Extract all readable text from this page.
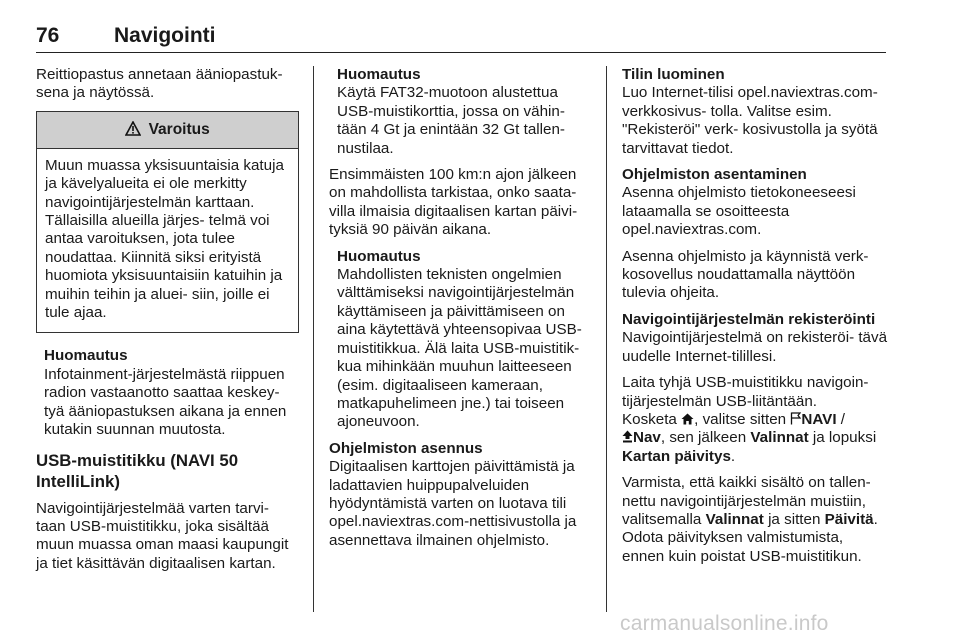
76	Navigointi

Reittiopastus annetaan ääniopastuk- sena ja näytössä.

Varoitus
Muun muassa yksisuuntaisia katuja ja kävelyalueita ei ole merkitty navigointijärjestelmän karttaan. Tällaisilla alueilla järjes- telmä voi antaa varoituksen, jota tulee noudattaa. Kiinnitä siksi erityistä huomiota yksisuuntaisiin katuihin ja muihin teihin ja aluei- siin, joille ei tule ajaa.
Huomautus
Infotainment-järjestelmästä riippuen radion vastaanotto saattaa keskey- tyä ääniopastuksen aikana ja ennen kutakin suunnan muutosta.
USB-muistitikku (NAVI 50 IntelliLink)

Navigointijärjestelmää varten tarvi- taan USB-muistitikku, joka sisältää muun muassa oman maasi kaupungit ja tiet käsittävän digitaalisen kartan.

Huomautus
Käytä FAT32-muotoon alustettua USB-muistikorttia, jossa on vähin- tään 4 Gt ja enintään 32 Gt tallen- nustilaa.

Ensimmäisten 100 km:n ajon jälkeen on mahdollista tarkistaa, onko saata- villa ilmaisia digitaalisen kartan päivi- tyksiä 90 päivän aikana.

Huomautus
Mahdollisten teknisten ongelmien välttämiseksi navigointijärjestelmän käyttämiseen ja päivittämiseen on aina käytettävä yhteensopivaa USB- muistitikkua. Älä laita USB-muistitik- kua mihinkään muuhun laitteeseen (esim. digitaaliseen kameraan, matkapuhelimeen jne.) tai toiseen ajoneuvoon.
Ohjelmiston asennus

Digitaalisen karttojen päivittämistä ja ladattavien huippupalveluiden hyödyntämistä varten on luotava tili opel.naviextras.com-nettisivustolla ja asennettava ilmainen ohjelmisto.

Tilin luominen

Luo Internet-tilisi opel.naviextras.com-verkkosivus- tolla. Valitse esim. "Rekisteröi" verk- kosivustolla ja syötä tarvittavat tiedot.

Ohjelmiston asentaminen

Asenna ohjelmisto tietokoneeseesi lataamalla se osoitteesta opel.naviextras.com.

Asenna ohjelmisto ja käynnistä verk- kosovellus noudattamalla näyttöön tulevia ohjeita.

Navigointijärjestelmän rekisteröinti

Navigointijärjestelmä on rekisteröi- tävä uudelle Internet-tilillesi.

Laita tyhjä USB-muistitikku navigoin- tijärjestelmän USB-liitäntään.
Kosketa , valitse sitten NAVI /
Nav, sen jälkeen Valinnat ja lopuksi
Kartan päivitys.

Varmista, että kaikki sisältö on tallen- nettu navigointijärjestelmän muistiin, valitsemalla Valinnat ja sitten Päivitä. Odota päivityksen valmistumista, ennen kuin poistat USB-muistitikun.

carmanualsonline.info
